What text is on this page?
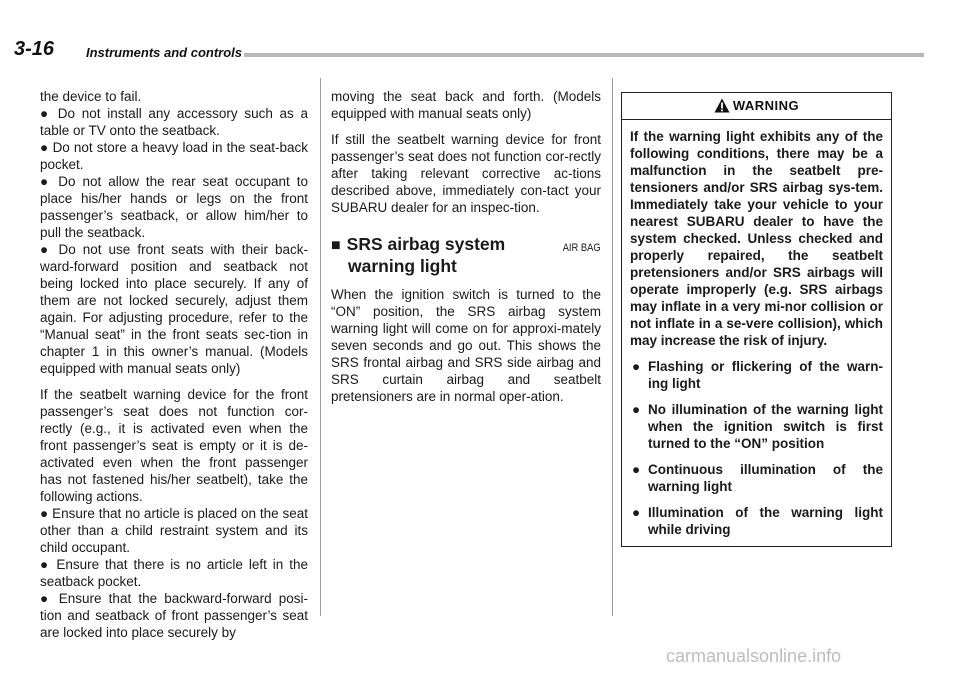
3-16 Instruments and controls

the device to fail.

● Do not install any accessory such as a table or TV onto the seatback.

● Do not store a heavy load in the seat-back pocket.

● Do not allow the rear seat occupant to place his/her hands or legs on the front passenger’s seatback, or allow him/her to pull the seatback.

● Do not use front seats with their back-ward-forward position and seatback not being locked into place securely. If any of them are not locked securely, adjust them again. For adjusting procedure, refer to the “Manual seat” in the front seats sec-tion in chapter 1 in this owner’s manual. (Models equipped with manual seats only)

If the seatbelt warning device for the front passenger’s seat does not function cor-rectly (e.g., it is activated even when the front passenger’s seat is empty or it is de-activated even when the front passenger has not fastened his/her seatbelt), take the following actions.

● Ensure that no article is placed on the seat other than a child restraint system and its child occupant.

● Ensure that there is no article left in the seatback pocket.

● Ensure that the backward-forward posi-tion and seatback of front passenger’s seat are locked into place securely by

moving the seat back and forth. (Models equipped with manual seats only)

If still the seatbelt warning device for front passenger’s seat does not function cor-rectly after taking relevant corrective ac-tions described above, immediately con-tact your SUBARU dealer for an inspec-tion.

■ SRS airbag system	AIR BAG
warning light

When the ignition switch is turned to the “ON” position, the SRS airbag system warning light will come on for approxi-mately seven seconds and go out. This shows the SRS frontal airbag and SRS side airbag and SRS curtain airbag and seatbelt pretensioners are in normal oper-ation.

WARNING
If the warning light exhibits any of the following conditions, there may be a malfunction in the seatbelt pre-tensioners and/or SRS airbag sys-tem. Immediately take your vehicle to your nearest SUBARU dealer to have the system checked. Unless checked and properly repaired, the seatbelt pretensioners and/or SRS airbags will operate improperly (e.g. SRS airbags may inflate in a very mi-nor collision or not inflate in a se-vere collision), which may increase the risk of injury.
● Flashing or flickering of the warn-ing light
● No illumination of the warning light when the ignition switch is first turned to the “ON” position
● Continuous illumination of the warning light
● Illumination of the warning light while driving
carmanualsonline.info
